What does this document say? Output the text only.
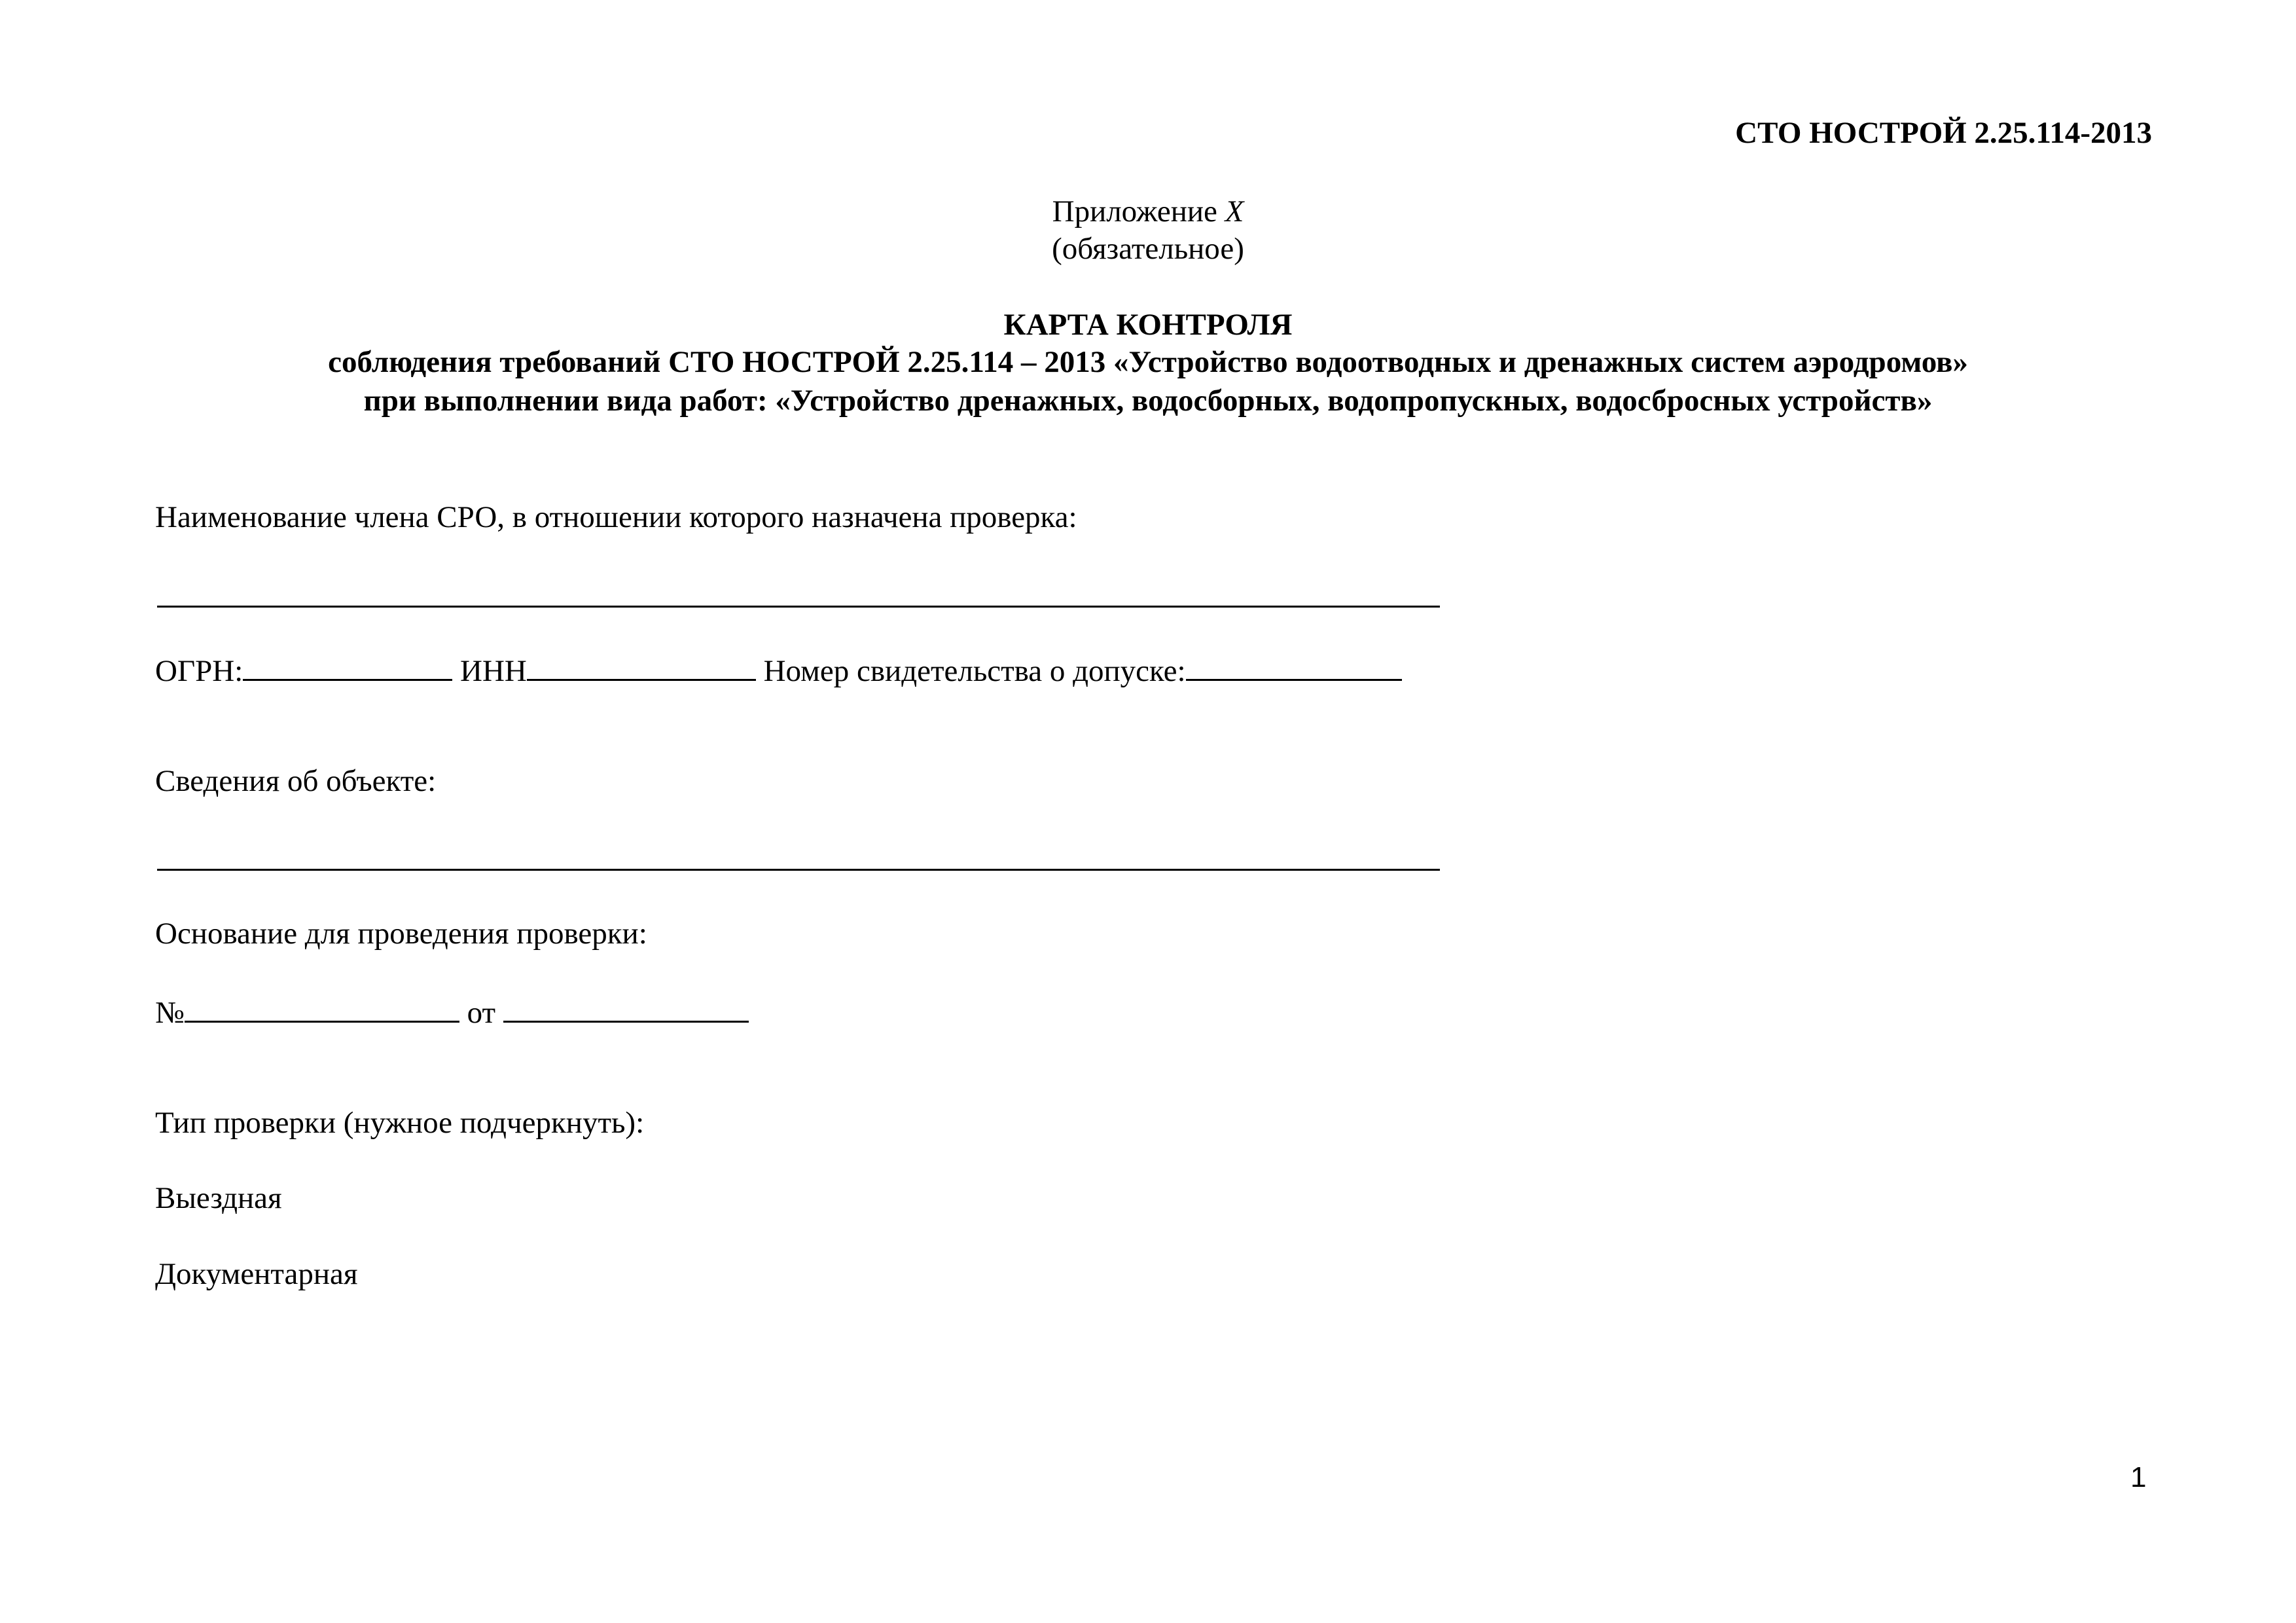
СТО НОСТРОЙ 2.25.114-2013
Приложение Х
(обязательное)
КАРТА КОНТРОЛЯ
соблюдения требований СТО НОСТРОЙ 2.25.114 – 2013 «Устройство водоотводных и дренажных систем аэродромов»
при выполнении вида работ: «Устройство дренажных, водосборных, водопропускных, водосбросных устройств»
Наименование члена СРО, в отношении которого назначена проверка:
ОГРН:	ИНН	Номер свидетельства о допуске:
Сведения об объекте:
Основание для проведения проверки:
№	от
Тип проверки (нужное подчеркнуть):
Выездная
Документарная
1
